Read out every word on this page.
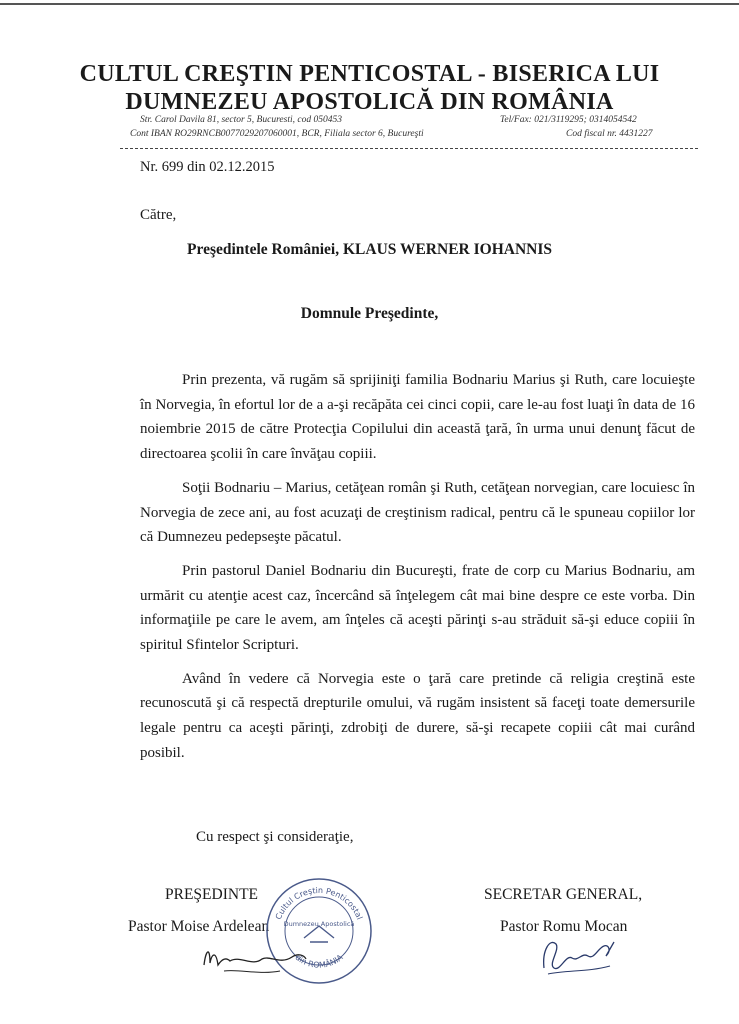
CULTUL CREŞTIN PENTICOSTAL - BISERICA LUI

DUMNEZEU APOSTOLICĂ DIN ROMÂNIA

Str. Carol Davila 81, sector 5, Bucuresti, cod 050453	Tel/Fax: 021/3119295; 0314054542
Cont IBAN RO29RNCB0077029207060001, BCR, Filiala sector 6, Bucureşti	Cod fiscal nr. 4431227
Nr. 699 din 02.12.2015
Către,
Preşedintele României, KLAUS WERNER IOHANNIS
Domnule Preşedinte,

Prin prezenta, vă rugăm să sprijiniţi familia Bodnariu Marius şi Ruth, care locuieşte în Norvegia, în efortul lor de a a-şi recăpăta cei cinci copii, care le-au fost luaţi în data de 16 noiembrie 2015 de către Protecţia Copilului din această ţară, în urma unui denunţ făcut de directoarea şcolii în care învăţau copiii.

Soţii Bodnariu – Marius, cetăţean român şi Ruth, cetăţean norvegian, care locuiesc în Norvegia de zece ani, au fost acuzaţi de creştinism radical, pentru că le spuneau copiilor lor că Dumnezeu pedepseşte păcatul.

Prin pastorul Daniel Bodnariu din Bucureşti, frate de corp cu Marius Bodnariu, am urmărit cu atenţie acest caz, încercând să înţelegem cât mai bine despre ce este vorba. Din informaţiile pe care le avem, am înţeles că aceşti părinţi s-au străduit să-şi educe copiii în spiritul Sfintelor Scripturi.

Având în vedere că Norvegia este o ţară care pretinde că religia creştină este recunoscută şi că respectă drepturile omului, vă rugăm insistent să faceţi toate demersurile legale pentru ca aceşti părinţi, zdrobiţi de durere, să-şi recapete copiii cât mai curând posibil.

Cu respect şi consideraţie,
PREŞEDINTE
Pastor Moise Ardelean
SECRETAR GENERAL,
Pastor Romu Mocan
Cultul Creştin Penticostal
din ROMÂNIA
Dumnezeu Apostolică
